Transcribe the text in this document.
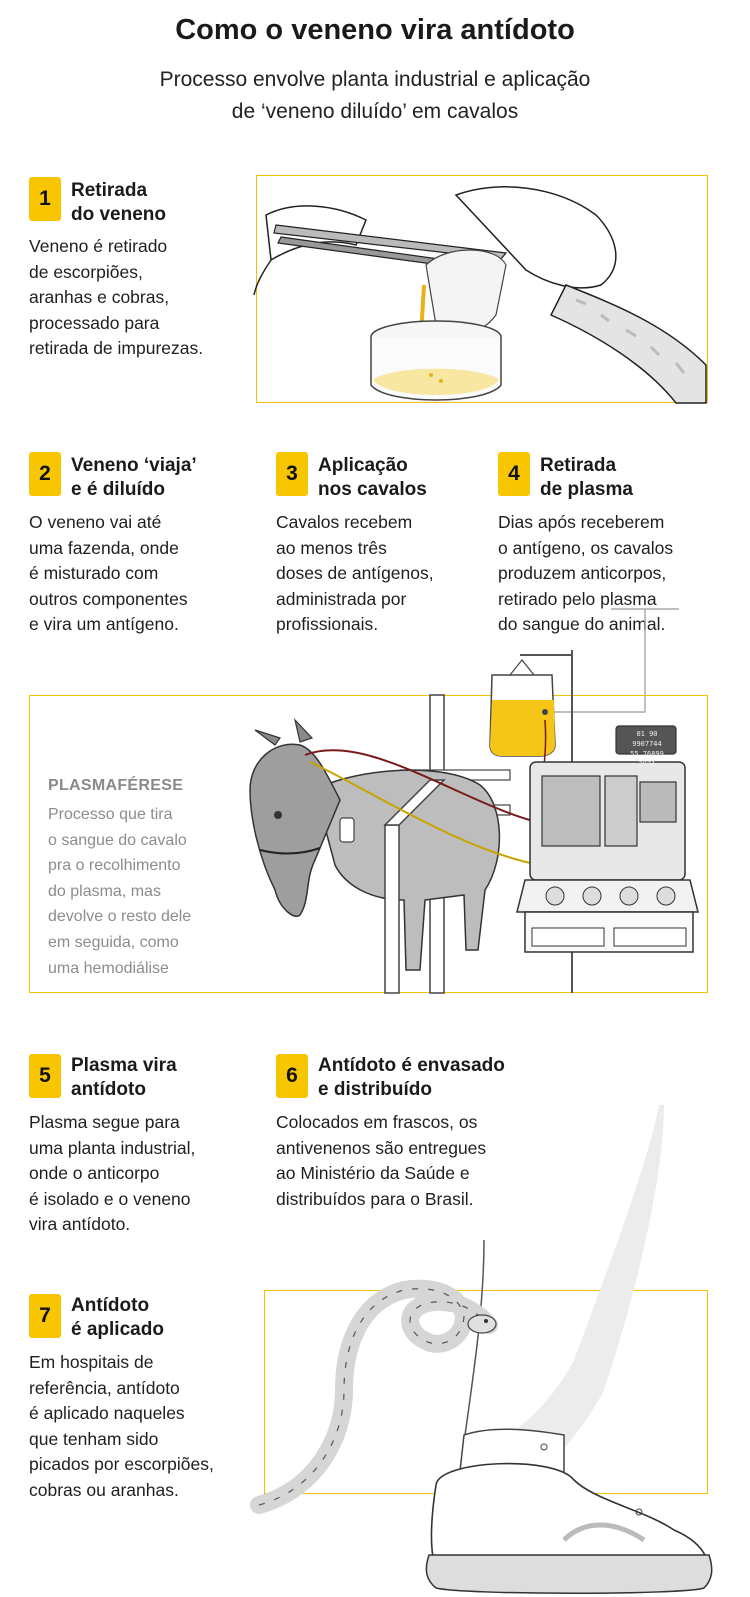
Como o veneno vira antídoto
Processo envolve planta industrial e aplicação
de ‘veneno diluído’ em cavalos
1	Retirada
do veneno
Veneno é retirado
de escorpiões,
aranhas e cobras,
processado para
retirada de impurezas.
2	Veneno ‘viaja’
e é diluído
O veneno vai até
uma fazenda, onde
é misturado com
outros componentes
e vira um antígeno.
3	Aplicação
nos cavalos
Cavalos recebem
ao menos três
doses de antígenos,
administrada por
profissionais.
4	Retirada
de plasma
Dias após receberem
o antígeno, os cavalos
produzem anticorpos,
retirado pelo plasma
do sangue do animal.
PLASMAFÉRESE
Processo que tira
o sangue do cavalo
pra o recolhimento
do plasma, mas
devolve o resto dele
em seguida, como
uma hemodiálise
01 90 9907744
55 76899 2071
5	Plasma vira
antídoto
Plasma segue para
uma planta industrial,
onde o anticorpo
é isolado e o veneno
vira antídoto.
6	Antídoto é envasado
e distribuído
Colocados em frascos, os
antivenenos são entregues
ao Ministério da Saúde e
distribuídos para o Brasil.
7	Antídoto
é aplicado
Em hospitais de
referência, antídoto
é aplicado naqueles
que tenham sido
picados por escorpiões,
cobras ou aranhas.
